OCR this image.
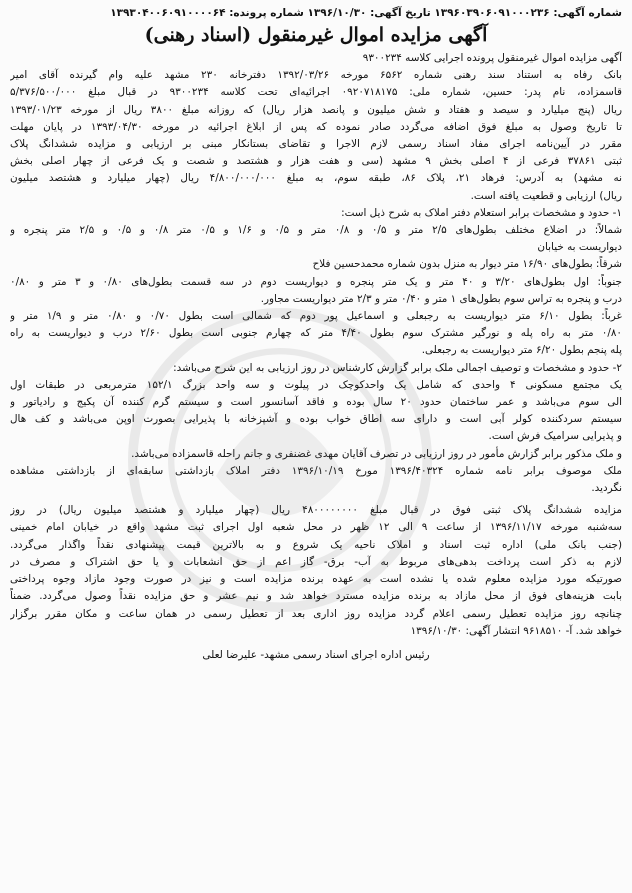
شماره آگهی: ۱۳۹۶۰۳۹۰۶۰۹۱۰۰۰۲۳۶ تاریخ آگهی: ۱۳۹۶/۱۰/۳۰ شماره پرونده: ۱۳۹۳۰۴۰۰۶۰۹۱۰۰۰۰۶۴
آگهی مزایده اموال غیرمنقول (اسناد رهنی)
آگهی مزایده اموال غیرمنقول پرونده اجرایی کلاسه ۹۳۰۰۲۳۴
بانک رفاه به استناد سند رهنی شماره ۶۵۶۲ مورخه ۱۳۹۲/۰۳/۲۶ دفترخانه ۲۳۰ مشهد علیه وام گیرنده آقای امیر
قاسمزاده، نام پدر: حسین، شماره ملی: ۰۹۲۰۷۱۸۱۷۵ اجرائیه‌ای تحت کلاسه ۹۳۰۰۲۳۴ در قبال مبلغ ۵/۳۷۶/۵۰۰/۰۰۰
ریال (پنج میلیارد و سیصد و هفتاد و شش میلیون و پانصد هزار ریال) که روزانه مبلغ ۳۸۰۰ ریال از مورخه ۱۳۹۳/۰۱/۲۳
تا تاریخ وصول به مبلغ فوق اضافه می‌گردد صادر نموده که پس از ابلاغ اجرائیه در مورخه ۱۳۹۳/۰۴/۳۰ در پایان مهلت
مقرر در آیین‌نامه اجرای مفاد اسناد رسمی لازم الاجرا و تقاضای بستانکار مبنی بر ارزیابی و مزایده ششدانگ پلاک
ثبتی ۳۷۸۶۱ فرعی از ۴ اصلی بخش ۹ مشهد (سی و هفت هزار و هشتصد و شصت و یک فرعی از چهار اصلی بخش
نه مشهد) به آدرس: فرهاد ۲۱، پلاک ۸۶، طبقه سوم، به مبلغ ۴/۸۰۰/۰۰۰/۰۰۰ ریال (چهار میلیارد و هشتصد میلیون
ریال) ارزیابی و قطعیت یافته است.
۱- حدود و مشخصات برابر استعلام دفتر املاک به شرح ذیل است:
شمالاً: در اضلاع مختلف بطول‌های ۲/۵ متر و ۰/۵ و ۰/۸ متر و ۰/۵ و ۱/۶ و ۰/۵ متر ۰/۸ و ۰/۵ و ۲/۵ متر پنجره و
دیواریست به خیابان
شرقاً: بطول‌های ۱۶/۹۰ متر دیوار به منزل بدون شماره محمدحسین فلاح
جنوباً: اول بطول‌های ۳/۲۰ و ۴۰ متر و یک متر پنجره و دیواریست دوم در سه قسمت بطول‌های ۰/۸۰ و ۳ متر و ۰/۸۰
درب و پنجره به تراس سوم بطول‌های ۱ متر و ۰/۴۰ متر و ۲/۳ متر دیواریست مجاور.
غرباً: بطول ۶/۱۰ متر دیواریست به رجبعلی و اسماعیل پور دوم که شمالی است بطول ۰/۷۰ و ۰/۸۰ متر و ۱/۹ متر و
۰/۸۰ متر به راه پله و نورگیر مشترک سوم بطول ۴/۴۰ متر که چهارم جنوبی است بطول ۲/۶۰ درب و دیواریست به راه
پله پنجم بطول ۶/۲۰ متر دیواریست به رجبعلی.
۲- حدود و مشخصات و توصیف اجمالی ملک برابر گزارش کارشناس در روز ارزیابی به این شرح می‌باشد:
یک مجتمع مسکونی ۴ واحدی که شامل یک واحدکوچک در پیلوت و سه واحد بزرگ ۱۵۲/۱ مترمربعی در طبقات اول
الی سوم می‌باشد و عمر ساختمان حدود ۲۰ سال بوده و فاقد آسانسور است و سیستم گرم کننده آن پکیج و رادیاتور و
سیستم سردکننده کولر آبی است و دارای سه اطاق خواب بوده و آشپزخانه با پذیرایی بصورت اوپن می‌باشد و کف هال
و پذیرایی سرامیک فرش است.
و ملک مذکور برابر گزارش مأمور در روز ارزیابی در تصرف آقایان مهدی غضنفری و جانم راحله قاسمزاده می‌باشد.
ملک موصوف برابر نامه شماره ۱۳۹۶/۴۰۳۲۴ مورخ ۱۳۹۶/۱۰/۱۹ دفتر املاک بازداشتی سابقه‌ای از بازداشتی مشاهده
نگردید.
مزایده ششدانگ پلاک ثبتی فوق در قبال مبلغ ۴۸۰۰۰۰۰۰۰۰ ریال (چهار میلیارد و هشتصد میلیون ریال) در روز
سه‌شنبه مورخه ۱۳۹۶/۱۱/۱۷ از ساعت ۹ الی ۱۲ ظهر در محل شعبه اول اجرای ثبت مشهد واقع در خیابان امام خمینی
(جنب بانک ملی) اداره ثبت اسناد و املاک ناحیه یک شروع و به بالاترین قیمت پیشنهادی نقداً واگذار می‌گردد.
لازم به ذکر است پرداخت بدهی‌های مربوط به آب- برق- گاز اعم از حق انشعابات و یا حق اشتراک و مصرف در
صورتیکه مورد مزایده معلوم شده یا نشده است به عهده برنده مزایده است و نیز در صورت وجود مازاد وجوه پرداختی
بابت هزینه‌های فوق از محل مازاد به برنده مزایده مسترد خواهد شد و نیم عشر و حق مزایده نقداً وصول می‌گردد. ضمناً
چنانچه روز مزایده تعطیل رسمی اعلام گردد مزایده روز اداری بعد از تعطیل رسمی در همان ساعت و مکان مقرر برگزار
خواهد شد. آ- ۹۶۱۸۵۱۰ انتشار آگهی: ۱۳۹۶/۱۰/۳۰
رئیس اداره اجرای اسناد رسمی مشهد- علیرضا لعلی
